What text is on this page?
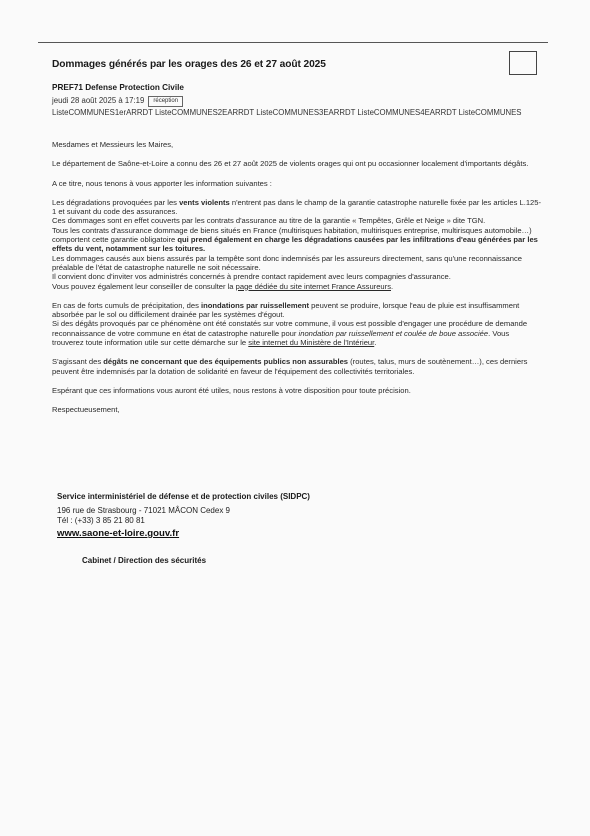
Dommages générés par les orages des 26 et 27 août 2025
PREF71 Defense Protection Civile
jeudi 28 août 2025 à 17:19 réception
ListeCOMMUNES1erARRDT ListeCOMMUNES2EARRDT ListeCOMMUNES3EARRDT ListeCOMMUNES4EARRDT ListeCOMMUNES

Mesdames et Messieurs les Maires,

Le département de Saône-et-Loire a connu des 26 et 27 août 2025 de violents orages qui ont pu occasionner localement d'importants dégâts.

A ce titre, nous tenons à vous apporter les information suivantes :

Les dégradations provoquées par les vents violents n'entrent pas dans le champ de la garantie catastrophe naturelle fixée par les articles L.125-1 et suivant du code des assurances.

Ces dommages sont en effet couverts par les contrats d'assurance au titre de la garantie « Tempêtes, Grêle et Neige » dite TGN.

Tous les contrats d'assurance dommage de biens situés en France (multirisques habitation, multirisques entreprise, multirisques automobile…) comportent cette garantie obligatoire qui prend également en charge les dégradations causées par les infiltrations d'eau générées par les effets du vent, notamment sur les toitures.

Les dommages causés aux biens assurés par la tempête sont donc indemnisés par les assureurs directement, sans qu'une reconnaissance préalable de l'état de catastrophe naturelle ne soit nécessaire.

Il convient donc d'inviter vos administrés concernés à prendre contact rapidement avec leurs compagnies d'assurance.

Vous pouvez également leur conseiller de consulter la page dédiée du site internet France Assureurs.

En cas de forts cumuls de précipitation, des inondations par ruissellement peuvent se produire, lorsque l'eau de pluie est insuffisamment absorbée par le sol ou difficilement drainée par les systèmes d'égout.

Si des dégâts provoqués par ce phénomène ont été constatés sur votre commune, il vous est possible d'engager une procédure de demande reconnaissance de votre commune en état de catastrophe naturelle pour inondation par ruissellement et coulée de boue associée. Vous trouverez toute information utile sur cette démarche sur le site internet du Ministère de l'Intérieur.

S'agissant des dégâts ne concernant que des équipements publics non assurables (routes, talus, murs de soutènement…), ces derniers peuvent être indemnisés par la dotation de solidarité en faveur de l'équipement des collectivités territoriales.

Espérant que ces informations vous auront été utiles, nous restons à votre disposition pour toute précision.

Respectueusement,

Service interministériel de défense et de protection civiles (SIDPC)
196 rue de Strasbourg - 71021 MÂCON Cedex 9
Tél : (+33) 3 85 21 80 81
www.saone-et-loire.gouv.fr
Cabinet / Direction des sécurités
